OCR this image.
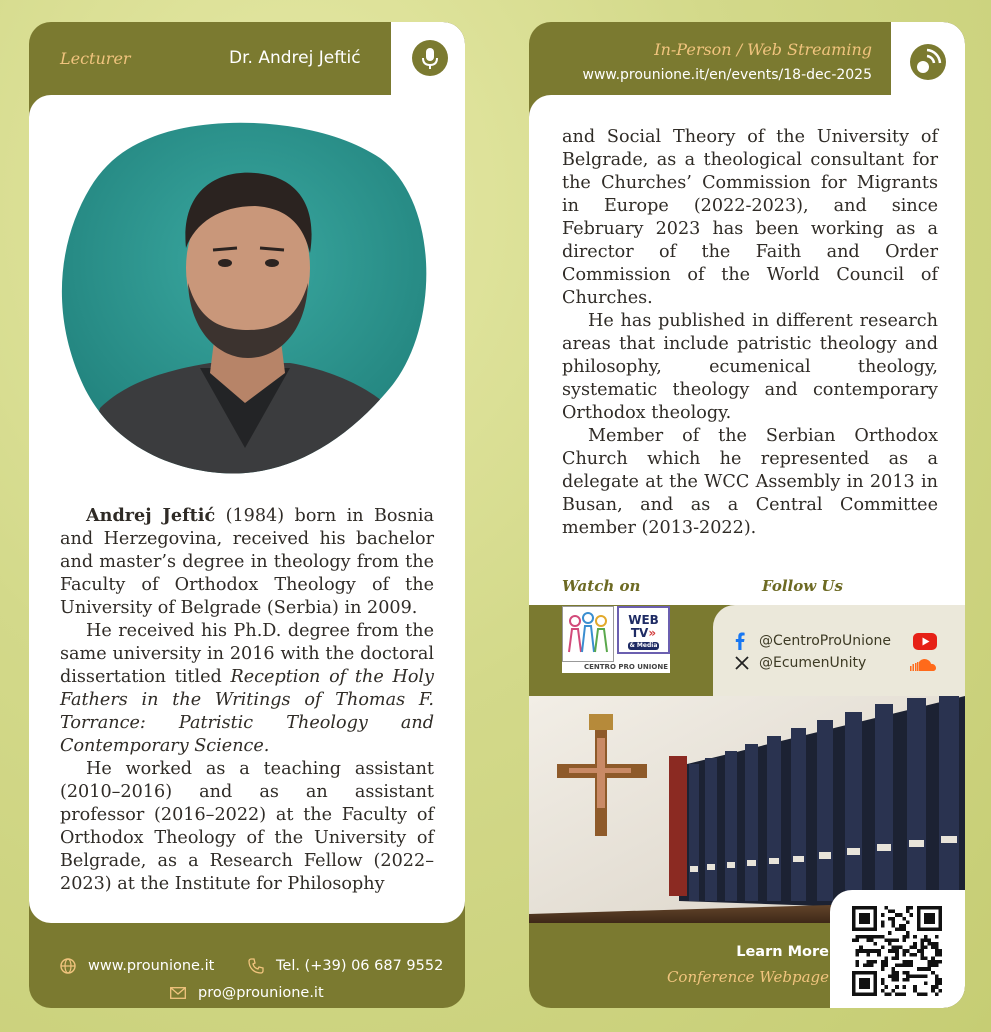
Lecturer	Dr. Andrej Jeftić

Andrej Jeftić (1984) born in Bosnia and Herzegovina, received his bachelor and master’s degree in theology from the Faculty of Orthodox Theology of the University of Belgrade (Serbia) in 2009.

He received his Ph.D. degree from the same university in 2016 with the doctoral dissertation titled Reception of the Holy Fathers in the Writings of Thomas F. Torrance: Patristic Theology and Contemporary Science.

He worked as a teaching assistant (2010–2016) and as an assistant professor (2016–2022) at the Faculty of Orthodox Theology of the University of Belgrade, as a Research Fellow (2022–2023) at the Institute for Philosophy

www.prounione.it	Tel. (+39) 06 687 9552
pro@prounione.it
In-Person / Web Streaming
www.prounione.it/en/events/18-dec-2025

and Social Theory of the University of Belgrade, as a theological consultant for the Churches’ Commission for Migrants in Europe (2022-2023), and since February 2023 has been working as a director of the Faith and Order Commission of the World Council of Churches.

He has published in different research areas that include patristic theology and philosophy, ecumenical theology, systematic theology and contemporary Orthodox theology.

Member of the Serbian Orthodox Church which he represented as a delegate at the WCC Assembly in 2013 in Busan, and as a Central Committee member (2013-2022).

Watch on	Follow Us
WEB
TV»
& Media
CENTRO PRO UNIONE
@CentroProUnione
@EcumenUnity
Learn More
Conference Webpage
